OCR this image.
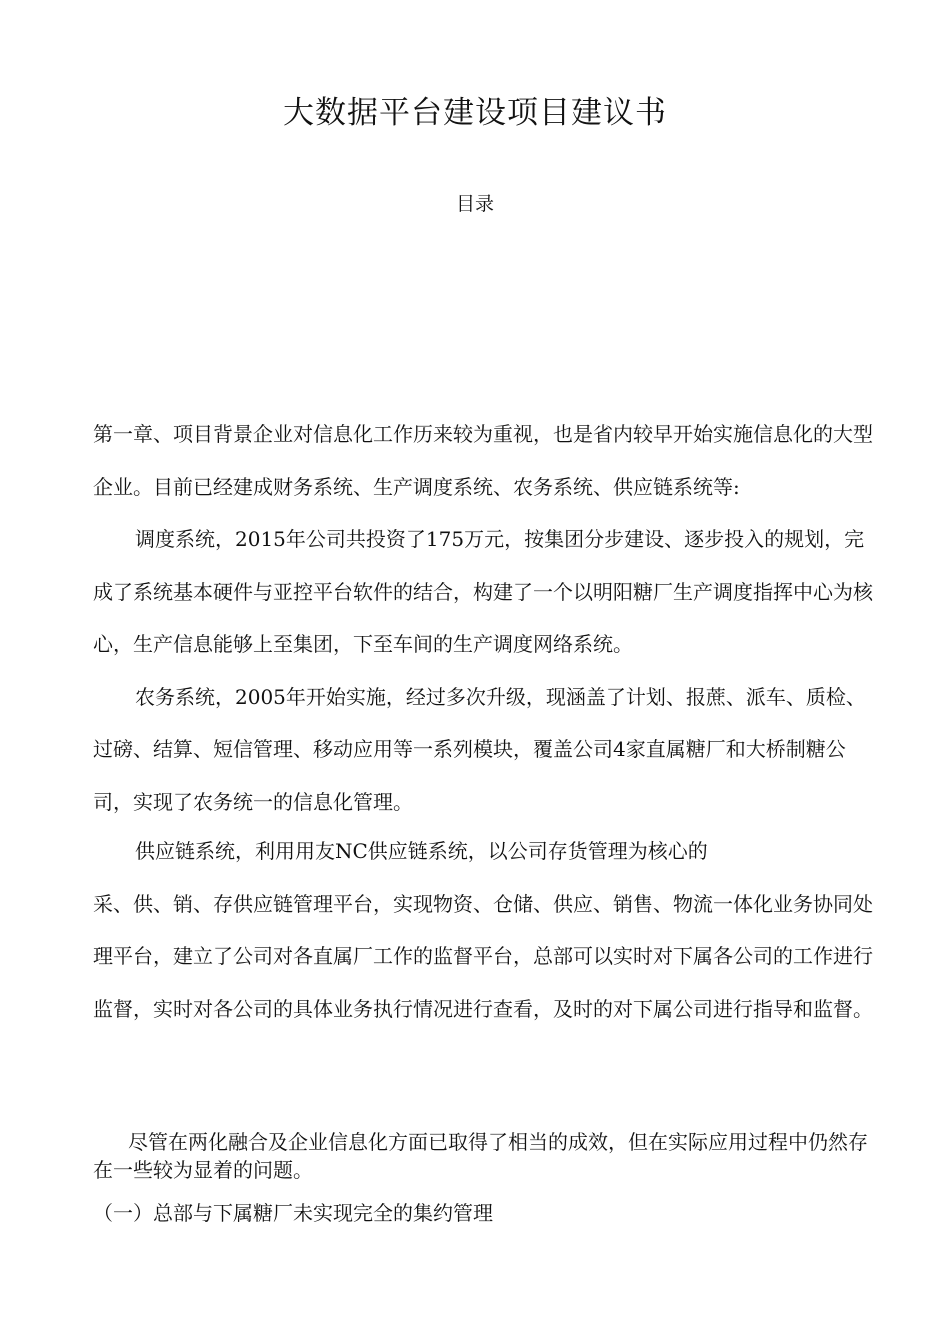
大数据平台建设项目建议书
目录

第一章、项目背景企业对信息化工作历来较为重视，也是省内较早开始实施信息化的大型企业。目前已经建成财务系统、生产调度系统、农务系统、供应链系统等:

调度系统，2015年公司共投资了175万元，按集团分步建设、逐步投入的规划，完成了系统基本硬件与亚控平台软件的结合，构建了一个以明阳糖厂生产调度指挥中心为核心，生产信息能够上至集团，下至车间的生产调度网络系统。

农务系统，2005年开始实施，经过多次升级，现涵盖了计划、报蔗、派车、质检、过磅、结算、短信管理、移动应用等一系列模块，覆盖公司4家直属糖厂和大桥制糖公司，实现了农务统一的信息化管理。

供应链系统，利用用友NC供应链系统，以公司存货管理为核心的

采、供、销、存供应链管理平台，实现物资、仓储、供应、销售、物流一体化业务协同处理平台，建立了公司对各直属厂工作的监督平台，总部可以实时对下属各公司的工作进行监督，实时对各公司的具体业务执行情况进行查看，及时的对下属公司进行指导和监督。

尽管在两化融合及企业信息化方面已取得了相当的成效，但在实际应用过程中仍然存在一些较为显着的问题。

（一）总部与下属糖厂未实现完全的集约管理
